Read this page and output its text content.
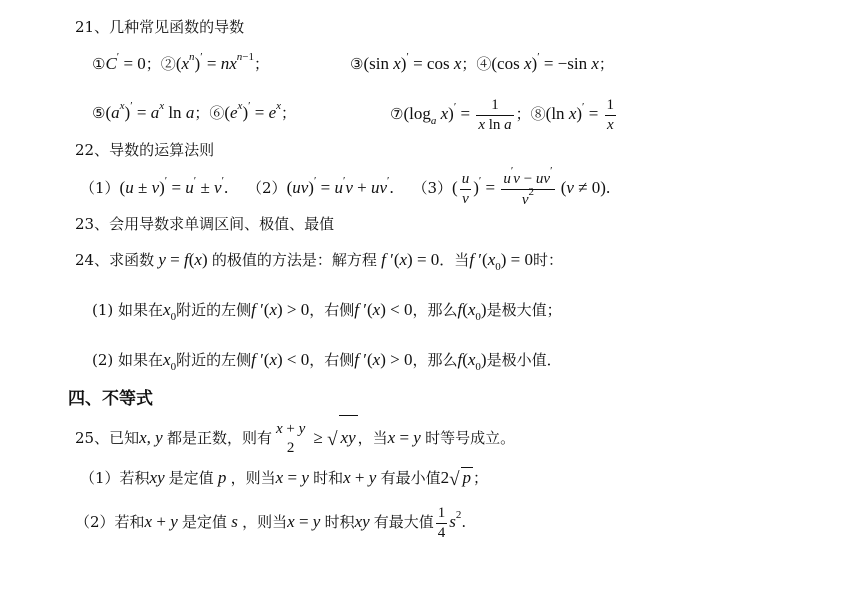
21、几种常见函数的导数
①C′ = 0；$②(x^n)' = nx^{n-1}$；	③(sin x)′ = cos x；④(cos x)′ = −sin x；
$⑤(a^x)' = a^x$ ln a；$⑥(e^x)' = e^x$；	$⑦(\log_a$ $x)' = \frac{1}{\text{x ln a}}$ ；⑧(ln $x)' = \frac{1}{x}$
22、导数的运算法则
（1）(u ± v)′ = u′ ± v′. （2）(uv)′ = u′v + uv′. $(3)( \frac{u}{v} )' = \frac{u'v - uv'}{v^2} (v \ne 0)$.
23、会用导数求单调区间、极值、最值
24、求函数 y = f(x) 的极值的方法是：解方程 f ′(x) = 0．当f $'(x_0) = 0$时：
(1) 如果在$x_0$附近的左侧f ′(x) > 0，右侧f ′(x) < 0，那么$f(x_0)$是极大值；
(2) 如果在$x_0$附近的左侧f ′(x) < 0，右侧f ′(x) > 0，那么$f(x_0)$是极小值．
四、不等式
25、已知x, y 都是正数，则有 x + y
2
≥ √ xy ，当x = y 时等号成立。
（1）若积xy 是定值 p ，则当x = y 时和x + y 有最小值2√ p ；
（2）若和x + y 是定值 s ，则当x = y 时积xy 有最大值 $\frac{1}{4} s^2$.
